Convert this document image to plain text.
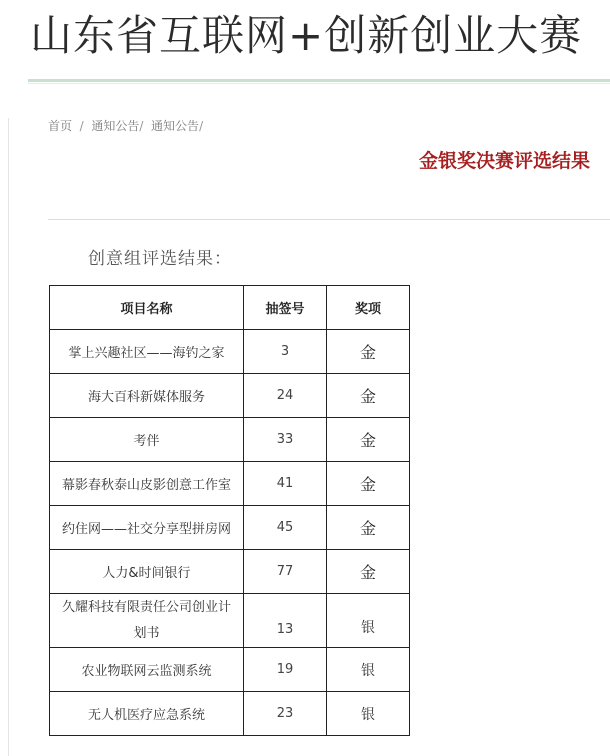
山东省互联网+创新创业大赛
首页  /  通知公告/  通知公告/
金银奖决赛评选结果
创意组评选结果：
项目名称	抽签号	奖项
掌上兴趣社区——海钓之家	3	金
海大百科新媒体服务	24	金
考伴	33	金
幕影春秋泰山皮影创意工作室	41	金
约住网——社交分享型拼房网	45	金
人力&时间银行	77	金
久耀科技有限责任公司创业计划书	13	银
农业物联网云监测系统	19	银
无人机医疗应急系统	23	银
